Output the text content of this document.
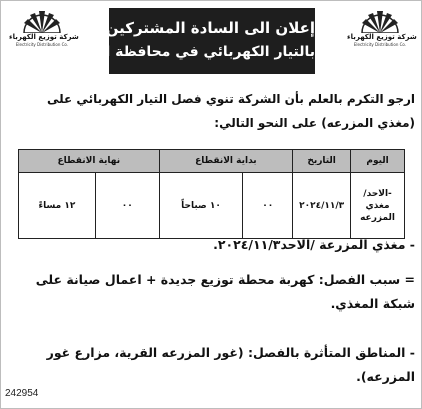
شركة توزيع الكهرباء
Electricity Distribution Co.
شركة توزيع الكهرباء
Electricity Distribution Co.
إعلان الى السادة المشتركين
بالتيار الكهربائي في محافظة الكرك
ارجو التكرم بالعلم بأن الشركة تنوي فصل التيار الكهربائي على (مغذي المزرعه) على النحو التالي:
اليوم	التاريخ	بداية الانقطاع		نهاية الانقطاع	

-الاحد/
مغذي
المزرعه	٢٠٢٤/١١/٣	٠٠	١٠ صباحاً	٠٠	١٢ مساءً
- مغذي المزرعة /الاحد٢٠٢٤/١١/٣.
= سبب الفصل: كهربة محطة توزيع جديدة + اعمال صيانة على شبكة المغذي.
- المناطق المتأثرة بالفصل: (غور المزرعه القرية، مزارع غور المزرعه).
242954
